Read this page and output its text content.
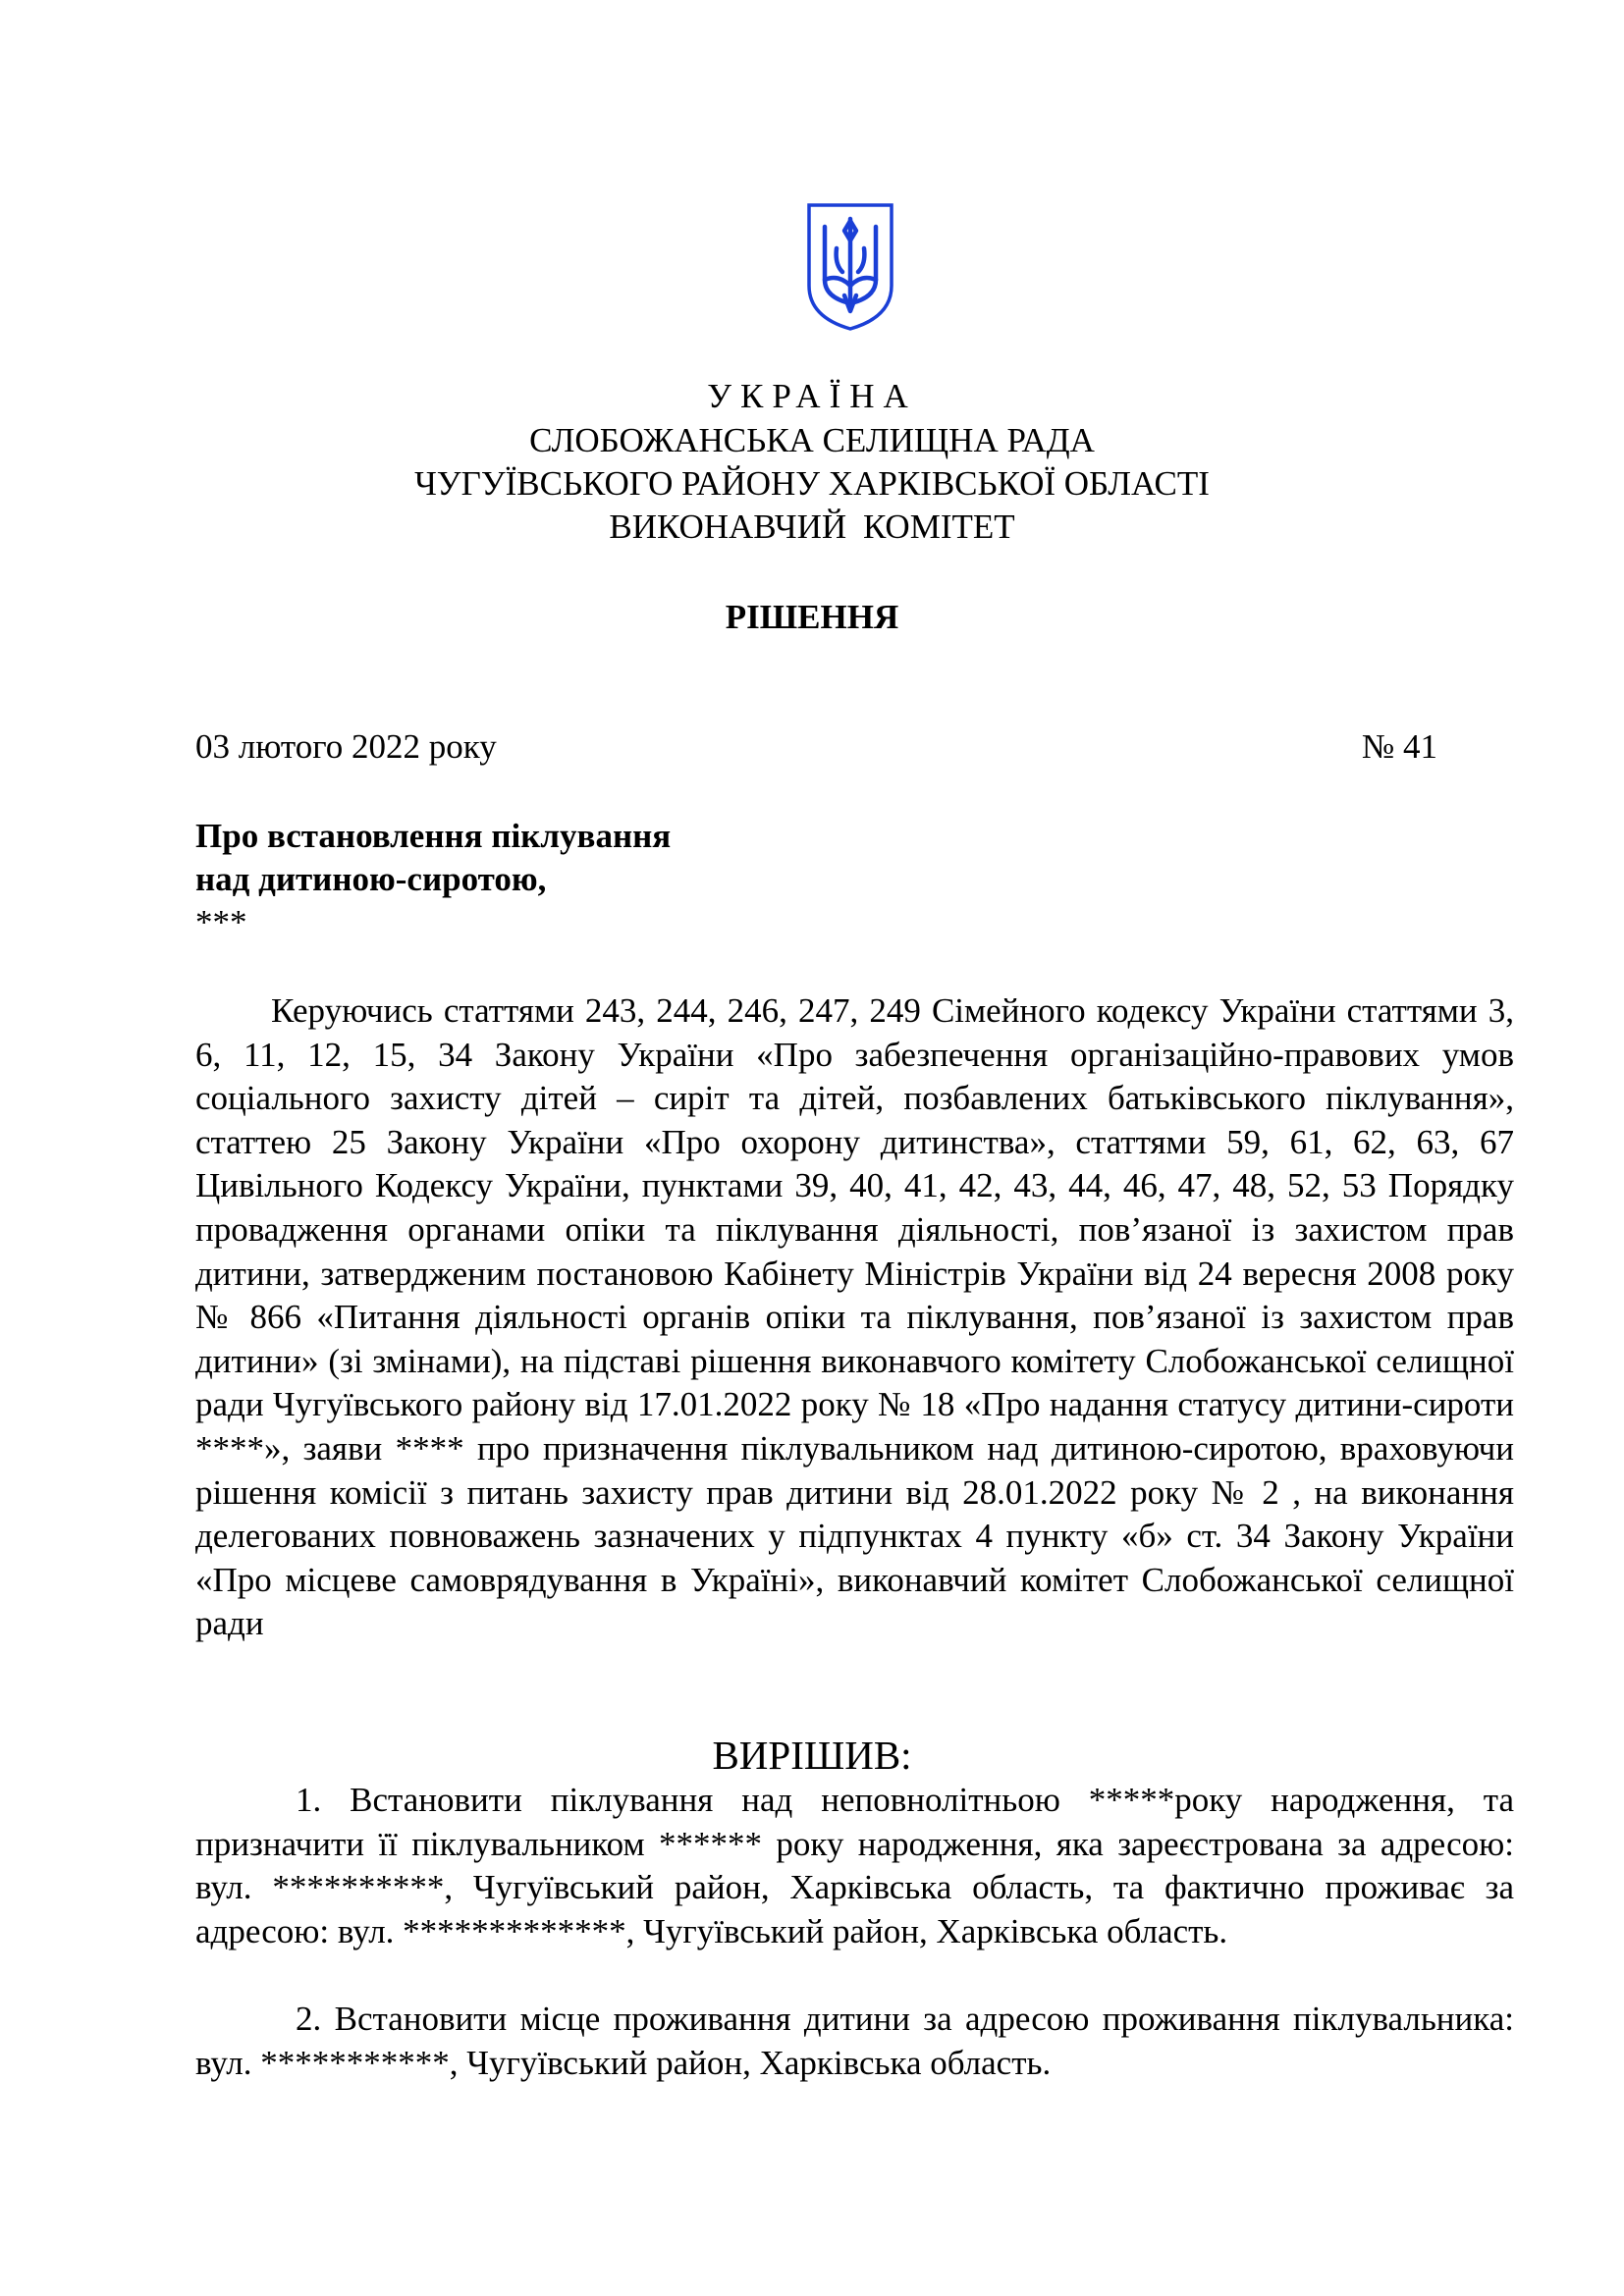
УКРАЇНА
СЛОБОЖАНСЬКА СЕЛИЩНА РАДА
ЧУГУЇВСЬКОГО РАЙОНУ ХАРКІВСЬКОЇ ОБЛАСТІ
ВИКОНАВЧИЙ КОМІТЕТ
РІШЕННЯ
03 лютого 2022 року	№ 41
Про встановлення піклування
над дитиною-сиротою,
***
Керуючись статтями 243, 244, 246, 247, 249 Сімейного кодексу України статтями 3, 6, 11, 12, 15, 34 Закону України «Про забезпечення організаційно-правових умов соціального захисту дітей – сиріт та дітей, позбавлених батьківського піклування», статтею 25 Закону України «Про охорону дитинства», статтями 59, 61, 62, 63, 67 Цивільного Кодексу України, пунктами 39, 40, 41, 42, 43, 44, 46, 47, 48, 52, 53 Порядку провадження органами опіки та піклування діяльності, пов’язаної із захистом прав дитини, затвердженим постановою Кабінету Міністрів України від 24 вересня 2008 року № 866 «Питання діяльності органів опіки та піклування, пов’язаної із захистом прав дитини» (зі змінами), на підставі рішення виконавчого комітету Слобожанської селищної ради Чугуївського району від 17.01.2022 року № 18 «Про надання статусу дитини-сироти ****», заяви **** про призначення піклувальником над дитиною-сиротою, враховуючи рішення комісії з питань захисту прав дитини від 28.01.2022 року № 2 , на виконання делегованих повноважень зазначених у підпунктах 4 пункту «б» ст. 34 Закону України «Про місцеве самоврядування в Україні», виконавчий комітет Слобожанської селищної ради
ВИРІШИВ:
1. Встановити піклування над неповнолітньою *****року народження, та призначити її піклувальником ****** року народження, яка зареєстрована за адресою: вул. **********, Чугуївський район, Харківська область, та фактично проживає за адресою: вул. *************, Чугуївський район, Харківська область.
2. Встановити місце проживання дитини за адресою проживання піклувальника: вул. ***********, Чугуївський район, Харківська область.
